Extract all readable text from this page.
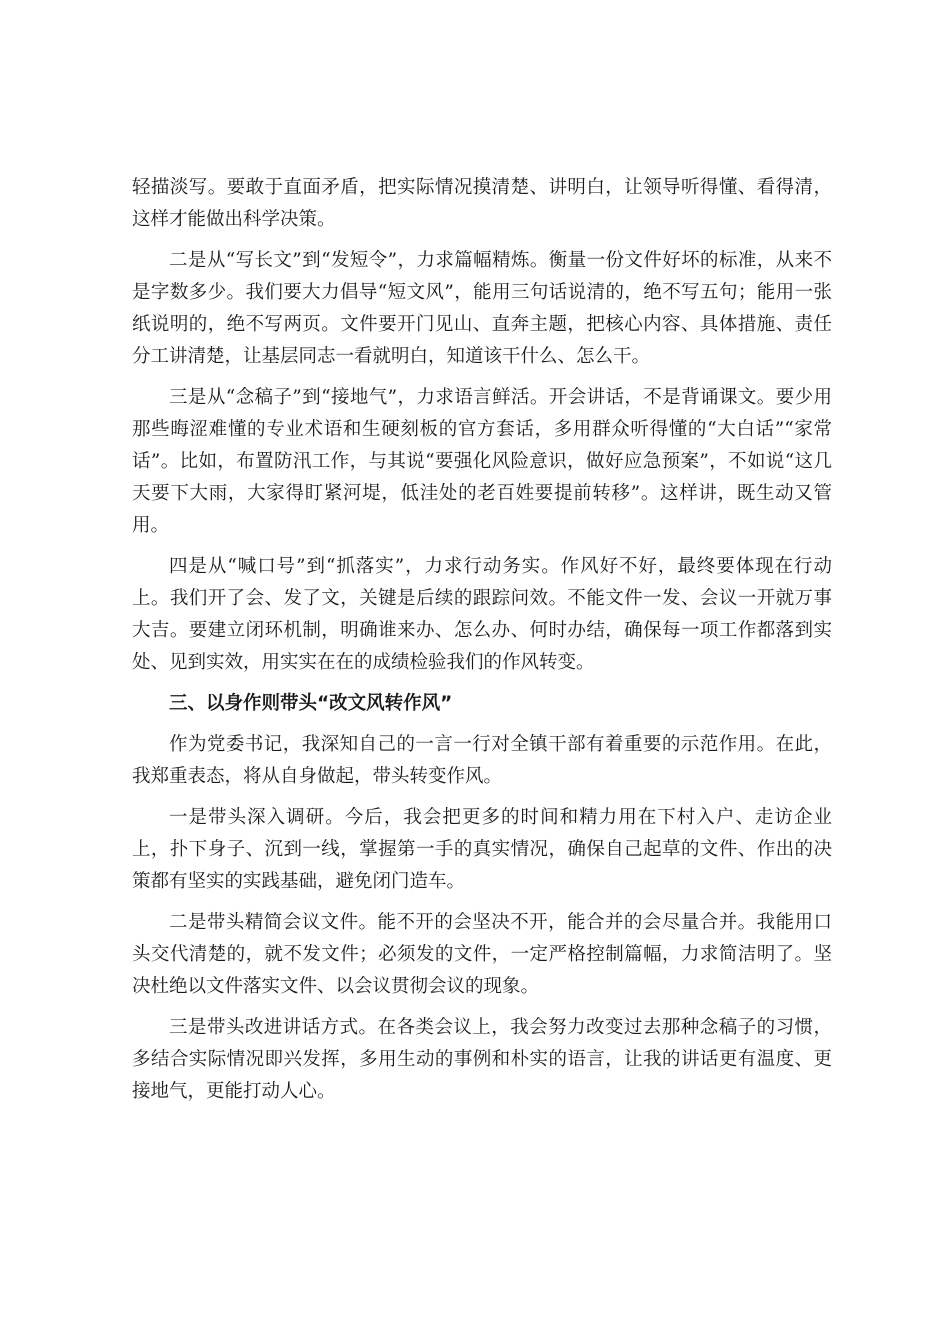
轻描淡写。要敢于直面矛盾，把实际情况摸清楚、讲明白，让领导听得懂、看得清，这样才能做出科学决策。

二是从“写长文”到“发短令”，力求篇幅精炼。衡量一份文件好坏的标准，从来不是字数多少。我们要大力倡导“短文风”，能用三句话说清的，绝不写五句；能用一张纸说明的，绝不写两页。文件要开门见山、直奔主题，把核心内容、具体措施、责任分工讲清楚，让基层同志一看就明白，知道该干什么、怎么干。

三是从“念稿子”到“接地气”，力求语言鲜活。开会讲话，不是背诵课文。要少用那些晦涩难懂的专业术语和生硬刻板的官方套话，多用群众听得懂的“大白话”“家常话”。比如，布置防汛工作，与其说“要强化风险意识，做好应急预案”，不如说“这几天要下大雨，大家得盯紧河堤，低洼处的老百姓要提前转移”。这样讲，既生动又管用。

四是从“喊口号”到“抓落实”，力求行动务实。作风好不好，最终要体现在行动上。我们开了会、发了文，关键是后续的跟踪问效。不能文件一发、会议一开就万事大吉。要建立闭环机制，明确谁来办、怎么办、何时办结，确保每一项工作都落到实处、见到实效，用实实在在的成绩检验我们的作风转变。

三、以身作则带头“改文风转作风”

作为党委书记，我深知自己的一言一行对全镇干部有着重要的示范作用。在此，我郑重表态，将从自身做起，带头转变作风。

一是带头深入调研。今后，我会把更多的时间和精力用在下村入户、走访企业上，扑下身子、沉到一线，掌握第一手的真实情况，确保自己起草的文件、作出的决策都有坚实的实践基础，避免闭门造车。

二是带头精简会议文件。能不开的会坚决不开，能合并的会尽量合并。我能用口头交代清楚的，就不发文件；必须发的文件，一定严格控制篇幅，力求简洁明了。坚决杜绝以文件落实文件、以会议贯彻会议的现象。

三是带头改进讲话方式。在各类会议上，我会努力改变过去那种念稿子的习惯，多结合实际情况即兴发挥，多用生动的事例和朴实的语言，让我的讲话更有温度、更接地气，更能打动人心。
